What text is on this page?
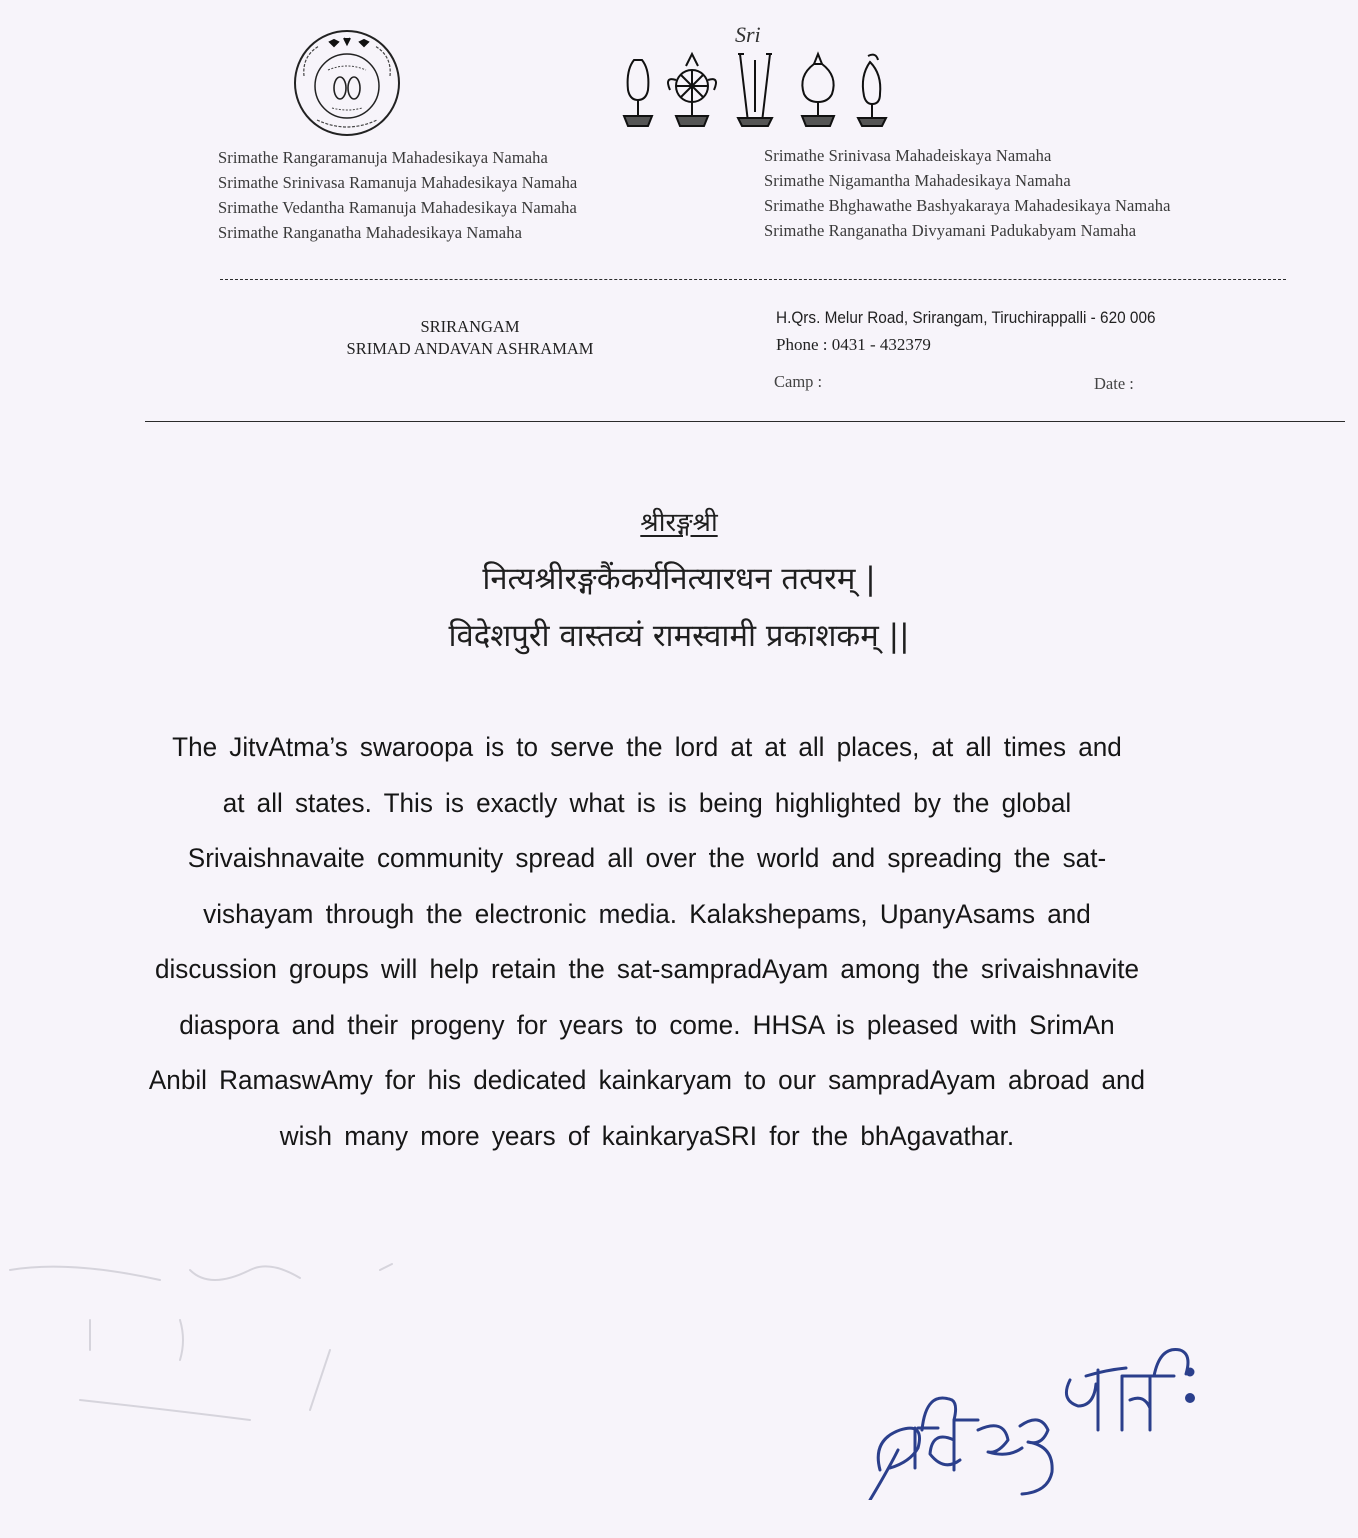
Sri
Srimathe Rangaramanuja Mahadesikaya Namaha
Srimathe Srinivasa Ramanuja Mahadesikaya Namaha
Srimathe Vedantha Ramanuja Mahadesikaya Namaha
Srimathe Ranganatha Mahadesikaya Namaha
Srimathe Srinivasa Mahadeiskaya Namaha
Srimathe Nigamantha Mahadesikaya Namaha
Srimathe Bhghawathe Bashyakaraya Mahadesikaya Namaha
Srimathe Ranganatha Divyamani Padukabyam Namaha
SRIRANGAM
SRIMAD ANDAVAN ASHRAMAM
H.Qrs. Melur Road, Srirangam, Tiruchirappalli - 620 006
Phone : 0431 - 432379
Camp :	Date :
श्रीरङ्गश्री
नित्यश्रीरङ्गकैंकर्यनित्यारधन तत्परम् |
विदेशपुरी वास्तव्यं रामस्वामी प्रकाशकम् ||
The JitvAtma’s swaroopa is to serve the lord at at all places, at all times and
at all states. This is exactly what is is being highlighted by the global
Srivaishnavaite community spread all over the world and spreading the sat-
vishayam through the electronic media. Kalakshepams, UpanyAsams and
discussion groups will help retain the sat-sampradAyam among the srivaishnavite
diaspora and their progeny for years to come. HHSA is pleased with SrimAn
Anbil RamaswAmy for his dedicated kainkaryam to our sampradAyam abroad and
wish many more years of kainkaryaSRI for the bhAgavathar.
